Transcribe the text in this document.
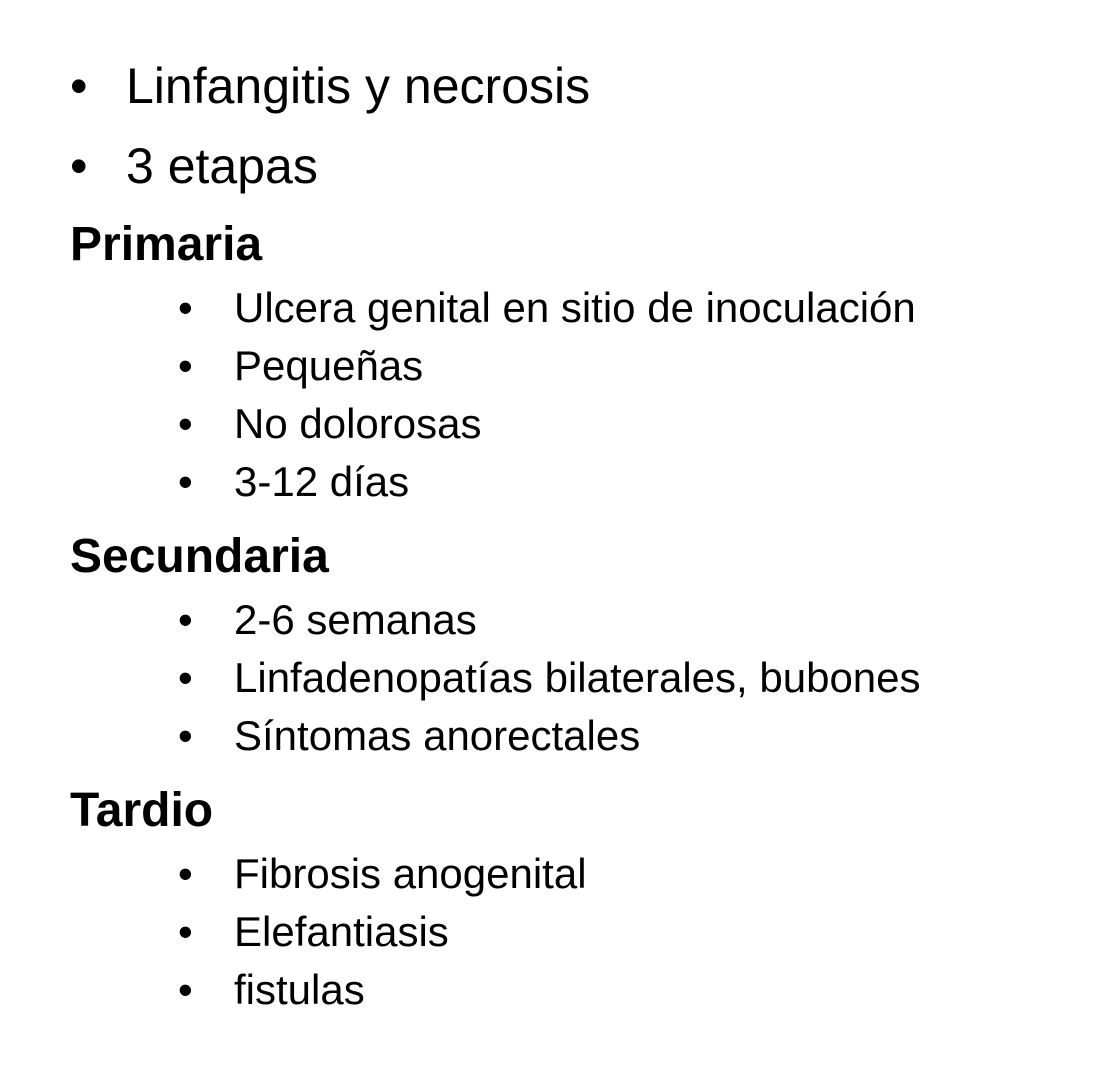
• Linfangitis y necrosis
• 3 etapas
Primaria
• Ulcera genital en sitio de inoculación
• Pequeñas
• No dolorosas
• 3-12 días
Secundaria
• 2-6 semanas
• Linfadenopatías bilaterales, bubones
• Síntomas anorectales
Tardio
• Fibrosis anogenital
• Elefantiasis
• fistulas
